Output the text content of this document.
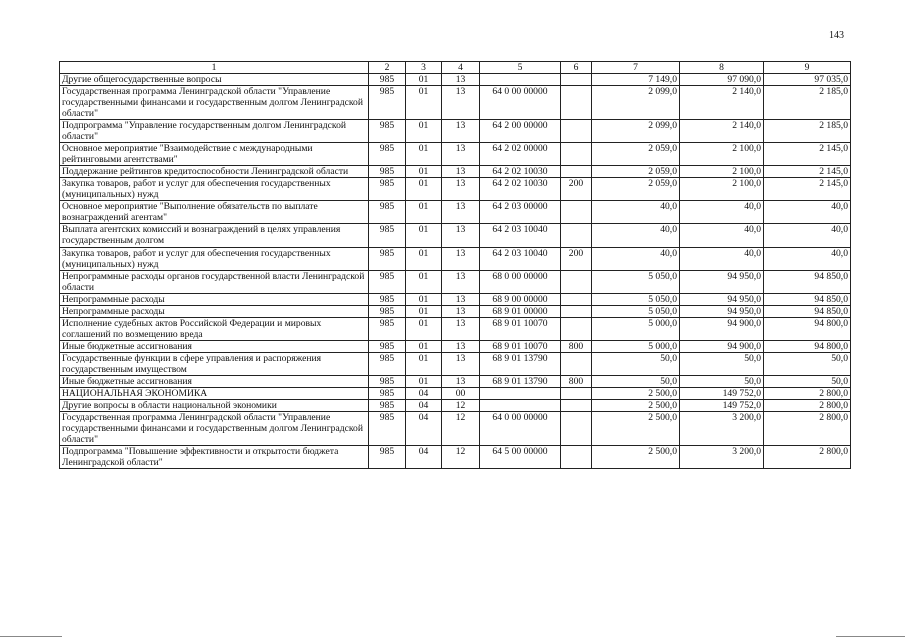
143
1	2	3	4	5	6	7	8	9
Другие общегосударственные вопросы	985	01	13			7 149,0	97 090,0	97 035,0
Государственная программа Ленинградской области "Управление государственными финансами и государственным долгом Ленинградской области"	985	01	13	64 0 00 00000		2 099,0	2 140,0	2 185,0
Подпрограмма "Управление государственным долгом Ленинградской области"	985	01	13	64 2 00 00000		2 099,0	2 140,0	2 185,0
Основное мероприятие "Взаимодействие с международными рейтинговыми агентствами"	985	01	13	64 2 02 00000		2 059,0	2 100,0	2 145,0
Поддержание рейтингов кредитоспособности Ленинградской области	985	01	13	64 2 02 10030		2 059,0	2 100,0	2 145,0
Закупка товаров, работ и услуг для обеспечения государственных (муниципальных) нужд	985	01	13	64 2 02 10030	200	2 059,0	2 100,0	2 145,0
Основное мероприятие "Выполнение обязательств по выплате вознаграждений агентам"	985	01	13	64 2 03 00000		40,0	40,0	40,0
Выплата агентских комиссий и вознаграждений в целях управления государственным долгом	985	01	13	64 2 03 10040		40,0	40,0	40,0
Закупка товаров, работ и услуг для обеспечения государственных (муниципальных) нужд	985	01	13	64 2 03 10040	200	40,0	40,0	40,0
Непрограммные расходы органов государственной власти Ленинградской области	985	01	13	68 0 00 00000		5 050,0	94 950,0	94 850,0
Непрограммные расходы	985	01	13	68 9 00 00000		5 050,0	94 950,0	94 850,0
Непрограммные расходы	985	01	13	68 9 01 00000		5 050,0	94 950,0	94 850,0
Исполнение судебных актов Российской Федерации и мировых соглашений по возмещению вреда	985	01	13	68 9 01 10070		5 000,0	94 900,0	94 800,0
Иные бюджетные ассигнования	985	01	13	68 9 01 10070	800	5 000,0	94 900,0	94 800,0
Государственные функции в сфере управления и распоряжения государственным имуществом	985	01	13	68 9 01 13790		50,0	50,0	50,0
Иные бюджетные ассигнования	985	01	13	68 9 01 13790	800	50,0	50,0	50,0
НАЦИОНАЛЬНАЯ ЭКОНОМИКА	985	04	00			2 500,0	149 752,0	2 800,0
Другие вопросы в области национальной экономики	985	04	12			2 500,0	149 752,0	2 800,0
Государственная программа Ленинградской области "Управление государственными финансами и государственным долгом Ленинградской области"	985	04	12	64 0 00 00000		2 500,0	3 200,0	2 800,0
Подпрограмма "Повышение эффективности и открытости бюджета Ленинградской области"	985	04	12	64 5 00 00000		2 500,0	3 200,0	2 800,0
